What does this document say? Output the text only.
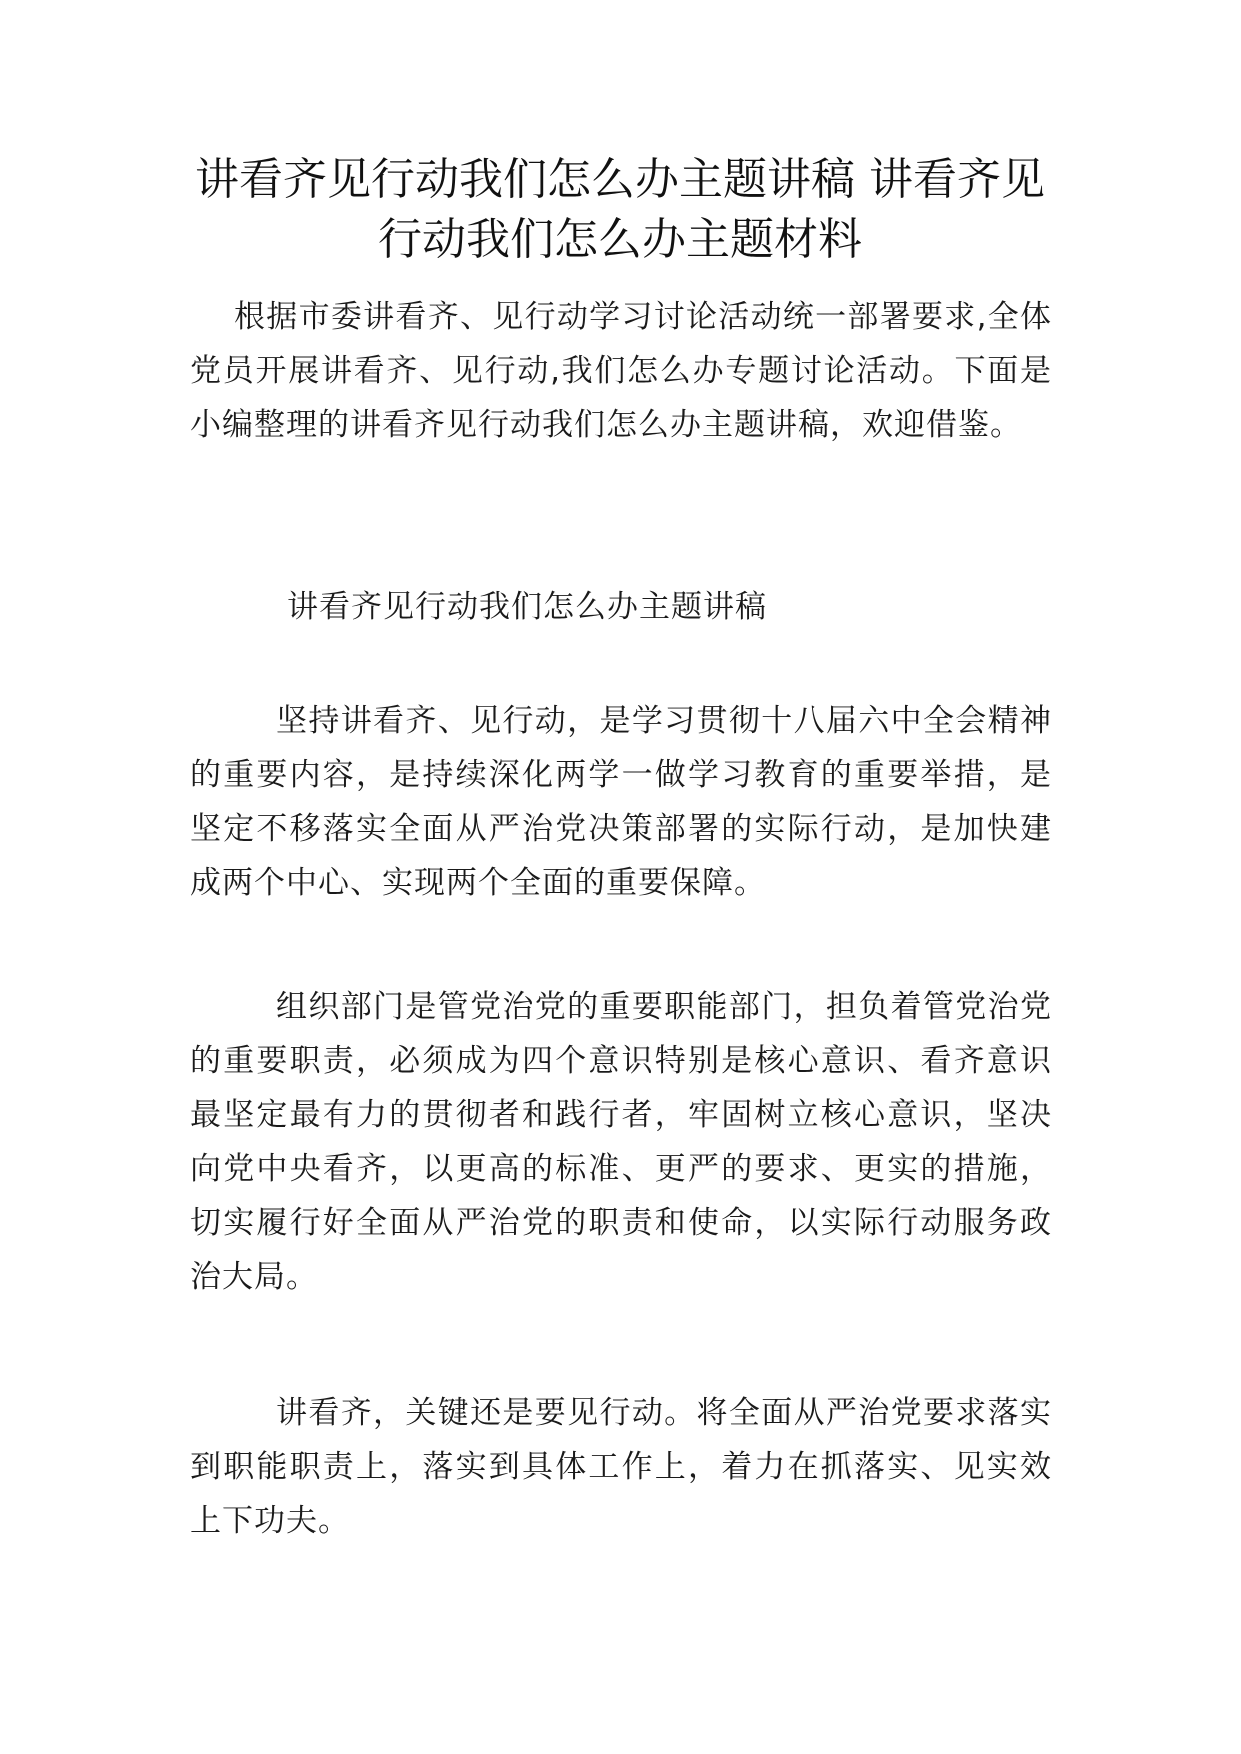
讲看齐见行动我们怎么办主题讲稿 讲看齐见行动我们怎么办主题材料

根据市委讲看齐、见行动学习讨论活动统一部署要求,全体党员开展讲看齐、见行动,我们怎么办专题讨论活动。下面是小编整理的讲看齐见行动我们怎么办主题讲稿，欢迎借鉴。

讲看齐见行动我们怎么办主题讲稿

坚持讲看齐、见行动，是学习贯彻十八届六中全会精神的重要内容，是持续深化两学一做学习教育的重要举措，是坚定不移落实全面从严治党决策部署的实际行动，是加快建成两个中心、实现两个全面的重要保障。

组织部门是管党治党的重要职能部门，担负着管党治党的重要职责，必须成为四个意识特别是核心意识、看齐意识最坚定最有力的贯彻者和践行者，牢固树立核心意识，坚决向党中央看齐，以更高的标准、更严的要求、更实的措施，切实履行好全面从严治党的职责和使命，以实际行动服务政治大局。

讲看齐，关键还是要见行动。将全面从严治党要求落实到职能职责上，落实到具体工作上，着力在抓落实、见实效上下功夫。
